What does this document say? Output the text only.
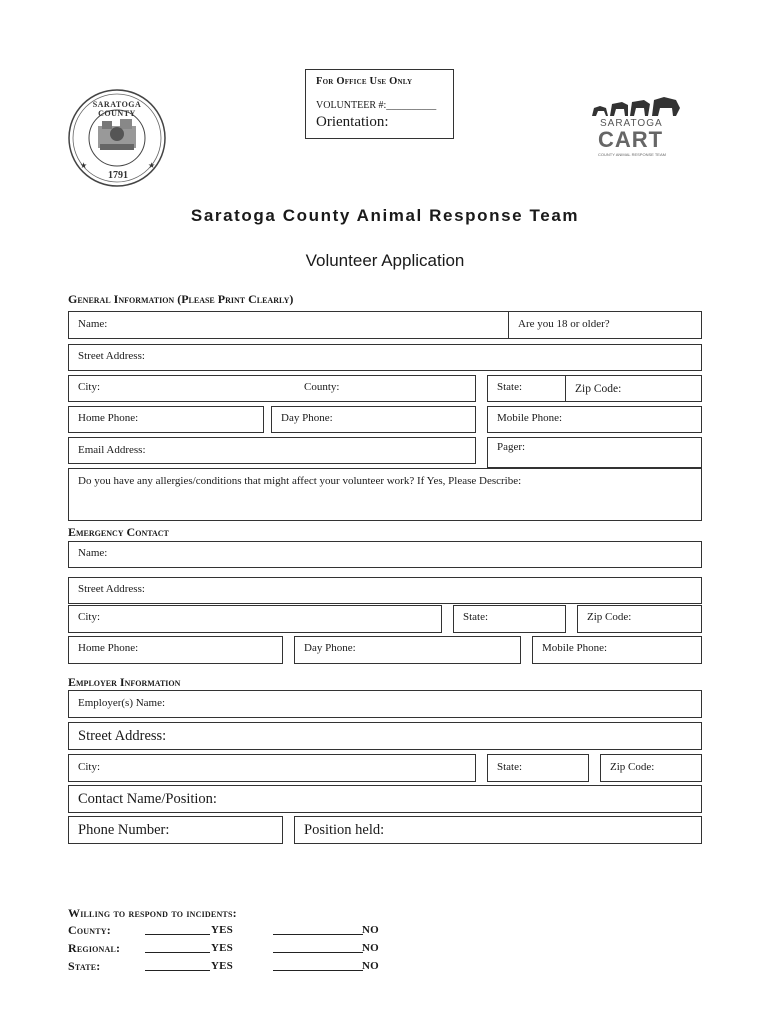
★	★
SARATOGA COUNTY
1791
For Office Use Only
VOLUNTEER #:__________
Orientation:	SARATOGA
CART
COUNTY ANIMAL RESPONSE TEAM
Saratoga County Animal Response Team
Volunteer Application
General Information (Please Print Clearly)
Name:	Are you 18 or older?
Street Address:
City:	County:	State:	Zip Code:
Home Phone:	Day Phone:	Mobile Phone:
Email Address:	Pager:
Do you have any allergies/conditions that might affect your volunteer work? If Yes, Please Describe:
Emergency Contact
Name:
Street Address:
City:	State:	Zip Code:
Home Phone:	Day Phone:	Mobile Phone:
Employer Information
Employer(s) Name:
Street Address:
City:	State:	Zip Code:
Contact Name/Position:
Phone Number:	Position held:
Willing to respond to incidents:
County:	YES	NO
Regional:	YES	NO
State:	YES	NO
